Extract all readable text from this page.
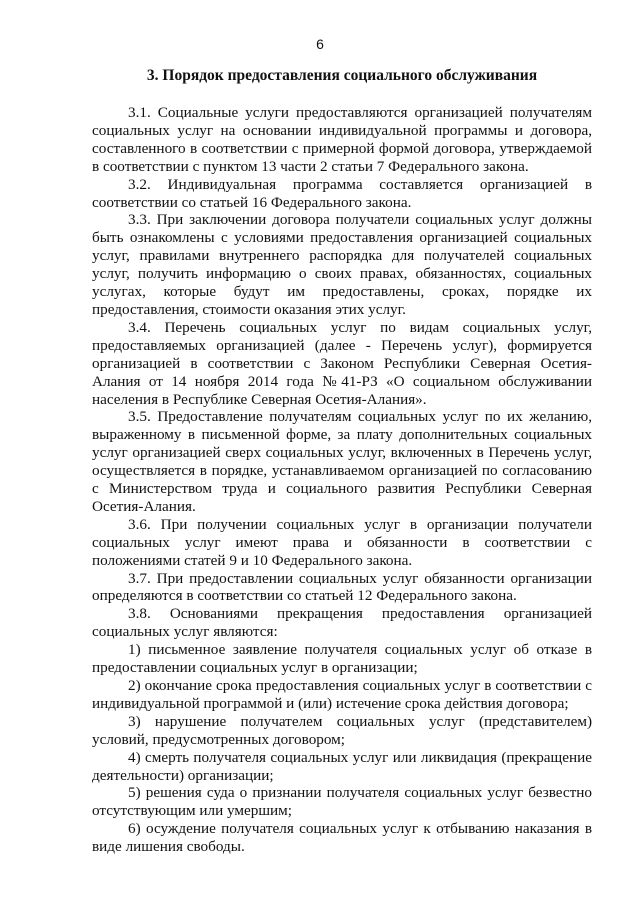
6
3. Порядок предоставления социального обслуживания

3.1. Социальные услуги предоставляются организацией получателям социальных услуг на основании индивидуальной программы и договора, составленного в соответствии с примерной формой договора, утверждаемой в соответствии с пунктом 13 части 2 статьи 7 Федерального закона.

3.2. Индивидуальная программа составляется организацией в соответствии со статьей 16 Федерального закона.

3.3. При заключении договора получатели социальных услуг должны быть ознакомлены с условиями предоставления организацией социальных услуг, правилами внутреннего распорядка для получателей социальных услуг, получить информацию о своих правах, обязанностях, социальных услугах, которые будут им предоставлены, сроках, порядке их предоставления, стоимости оказания этих услуг.

3.4. Перечень социальных услуг по видам социальных услуг, предоставляемых организацией (далее - Перечень услуг), формируется организацией в соответствии с Законом Республики Северная Осетия-Алания от 14 ноября 2014 года №41-РЗ «О социальном обслуживании населения в Республике Северная Осетия-Алания».

3.5. Предоставление получателям социальных услуг по их желанию, выраженному в письменной форме, за плату дополнительных социальных услуг организацией сверх социальных услуг, включенных в Перечень услуг, осуществляется в порядке, устанавливаемом организацией по согласованию с Министерством труда и социального развития Республики Северная Осетия-Алания.

3.6. При получении социальных услуг в организации получатели социальных услуг имеют права и обязанности в соответствии с положениями статей 9 и 10 Федерального закона.

3.7. При предоставлении социальных услуг обязанности организации определяются в соответствии со статьей 12 Федерального закона.

3.8. Основаниями прекращения предоставления организацией социальных услуг являются:

1) письменное заявление получателя социальных услуг об отказе в предоставлении социальных услуг в организации;

2) окончание срока предоставления социальных услуг в соответствии с индивидуальной программой и (или) истечение срока действия договора;

3) нарушение получателем социальных услуг (представителем) условий, предусмотренных договором;

4) смерть получателя социальных услуг или ликвидация (прекращение деятельности) организации;

5) решения суда о признании получателя социальных услуг безвестно отсутствующим или умершим;

6) осуждение получателя социальных услуг к отбыванию наказания в виде лишения свободы.
